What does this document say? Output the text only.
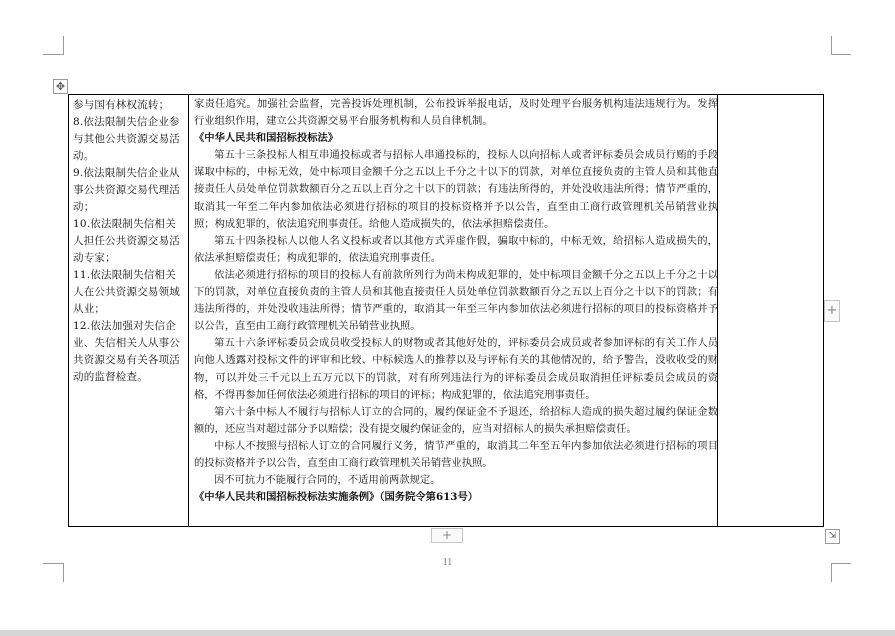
✥

参与国有林权流转；

8.依法限制失信企业参与其他公共资源交易活动。

9.依法限制失信企业从事公共资源交易代理活动；

10.依法限制失信相关人担任公共资源交易活动专家；

11.依法限制失信相关人在公共资源交易领域从业；

12.依法加强对失信企业、失信相关人从事公共资源交易有关各项活动的监督检查。

家责任追究。加强社会监督，完善投诉处理机制，公布投诉举报电话，及时处理平台服务机构违法违规行为。发挥行业组织作用，建立公共资源交易平台服务机构和人员自律机制。

《中华人民共和国招标投标法》

第五十三条投标人相互串通投标或者与招标人串通投标的，投标人以向招标人或者评标委员会成员行贿的手段谋取中标的，中标无效，处中标项目金额千分之五以上千分之十以下的罚款，对单位直接负责的主管人员和其他直接责任人员处单位罚款数额百分之五以上百分之十以下的罚款；有违法所得的，并处没收违法所得；情节严重的，取消其一年至二年内参加依法必须进行招标的项目的投标资格并予以公告，直至由工商行政管理机关吊销营业执照；构成犯罪的，依法追究刑事责任。给他人造成损失的，依法承担赔偿责任。

第五十四条投标人以他人名义投标或者以其他方式弄虚作假，骗取中标的，中标无效，给招标人造成损失的，依法承担赔偿责任；构成犯罪的，依法追究刑事责任。

依法必须进行招标的项目的投标人有前款所列行为尚未构成犯罪的，处中标项目金额千分之五以上千分之十以下的罚款，对单位直接负责的主管人员和其他直接责任人员处单位罚款数额百分之五以上百分之十以下的罚款；有违法所得的，并处没收违法所得；情节严重的，取消其一年至三年内参加依法必须进行招标的项目的投标资格并予以公告，直至由工商行政管理机关吊销营业执照。

第五十六条评标委员会成员收受投标人的财物或者其他好处的，评标委员会成员或者参加评标的有关工作人员向他人透露对投标文件的评审和比较、中标候选人的推荐以及与评标有关的其他情况的，给予警告，没收收受的财物，可以并处三千元以上五万元以下的罚款，对有所列违法行为的评标委员会成员取消担任评标委员会成员的资格，不得再参加任何依法必须进行招标的项目的评标；构成犯罪的，依法追究刑事责任。

第六十条中标人不履行与招标人订立的合同的，履约保证金不予退还，给招标人造成的损失超过履约保证金数额的，还应当对超过部分予以赔偿；没有提交履约保证金的，应当对招标人的损失承担赔偿责任。

中标人不按照与招标人订立的合同履行义务，情节严重的，取消其二年至五年内参加依法必须进行招标的项目的投标资格并予以公告，直至由工商行政管理机关吊销营业执照。

因不可抗力不能履行合同的，不适用前两款规定。

《中华人民共和国招标投标法实施条例》（国务院令第613号）

+
+	⇲
11
